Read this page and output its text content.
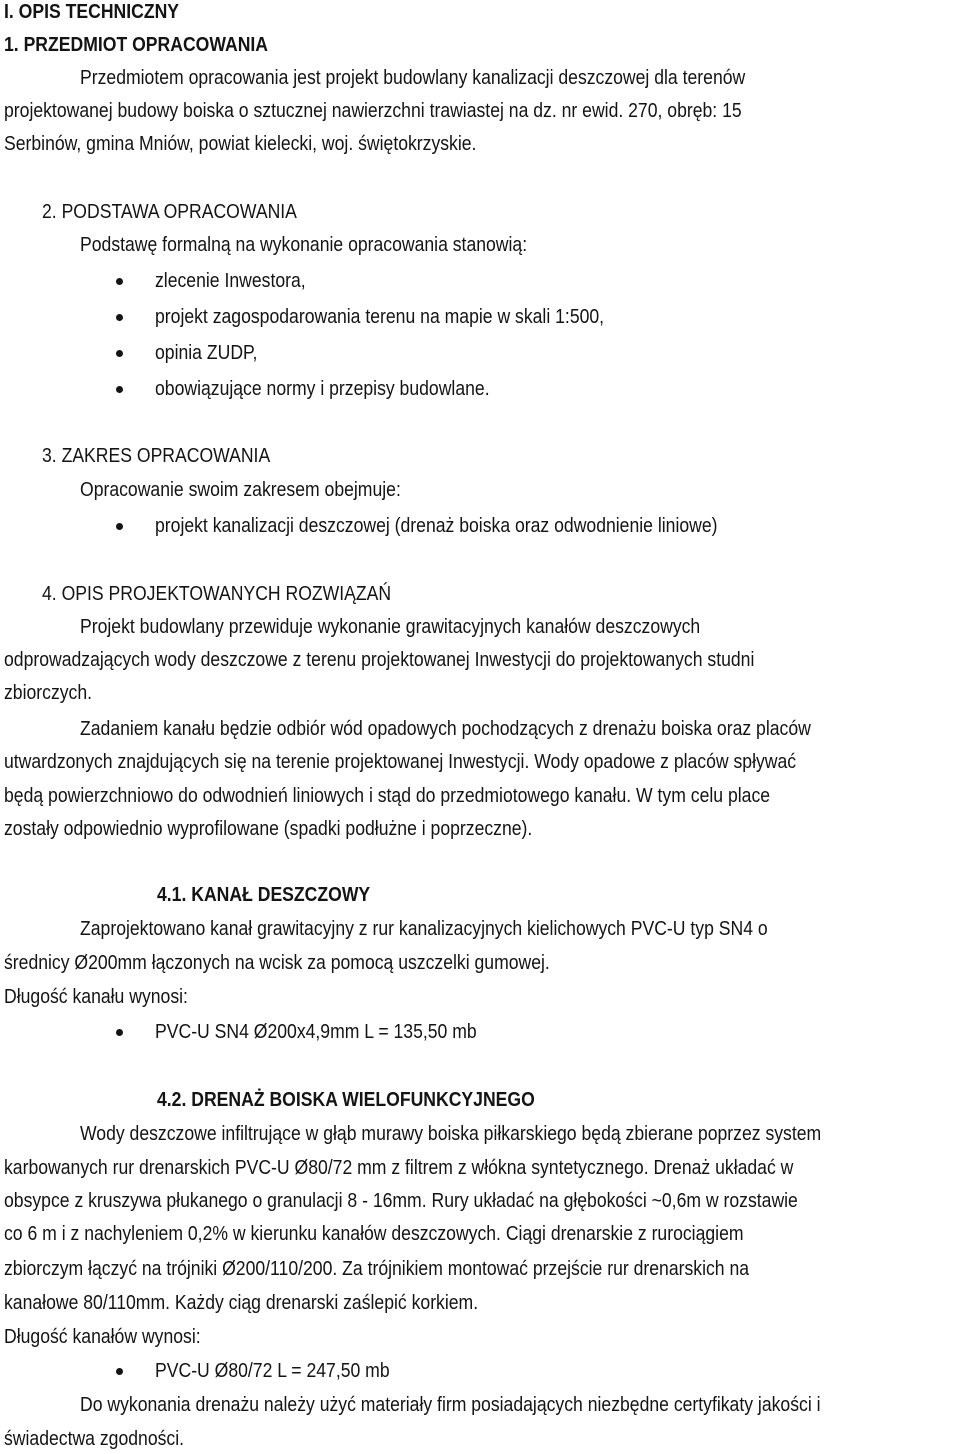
I. OPIS TECHNICZNY
1. PRZEDMIOT OPRACOWANIA
Przedmiotem opracowania jest projekt budowlany kanalizacji deszczowej dla terenów
projektowanej budowy boiska o sztucznej nawierzchni trawiastej na dz. nr ewid. 270, obręb: 15
Serbinów, gmina Mniów, powiat kielecki, woj. świętokrzyskie.
2. PODSTAWA OPRACOWANIA
Podstawę formalną na wykonanie opracowania stanowią:
zlecenie Inwestora,
projekt zagospodarowania terenu na mapie w skali 1:500,
opinia ZUDP,
obowiązujące normy i przepisy budowlane.
3. ZAKRES OPRACOWANIA
Opracowanie swoim zakresem obejmuje:
projekt kanalizacji deszczowej (drenaż boiska oraz odwodnienie liniowe)
4. OPIS PROJEKTOWANYCH ROZWIĄZAŃ
Projekt budowlany przewiduje wykonanie grawitacyjnych kanałów deszczowych
odprowadzających wody deszczowe z terenu projektowanej Inwestycji do projektowanych studni
zbiorczych.
Zadaniem kanału będzie odbiór wód opadowych pochodzących z drenażu boiska oraz placów
utwardzonych znajdujących się na terenie projektowanej Inwestycji. Wody opadowe z placów spływać
będą powierzchniowo do odwodnień liniowych i stąd do przedmiotowego kanału. W tym celu place
zostały odpowiednio wyprofilowane (spadki podłużne i poprzeczne).
4.1. KANAŁ DESZCZOWY
Zaprojektowano kanał grawitacyjny z rur kanalizacyjnych kielichowych PVC-U typ SN4 o
średnicy Ø200mm łączonych na wcisk za pomocą uszczelki gumowej.
Długość kanału wynosi:
PVC-U SN4 Ø200x4,9mm L = 135,50 mb
4.2. DRENAŻ BOISKA WIELOFUNKCYJNEGO
Wody deszczowe infiltrujące w głąb murawy boiska piłkarskiego będą zbierane poprzez system
karbowanych rur drenarskich PVC-U Ø80/72 mm z filtrem z włókna syntetycznego. Drenaż układać w
obsypce z kruszywa płukanego o granulacji 8 - 16mm. Rury układać na głębokości ~0,6m w rozstawie
co 6 m i z nachyleniem 0,2% w kierunku kanałów deszczowych. Ciągi drenarskie z rurociągiem
zbiorczym łączyć na trójniki Ø200/110/200. Za trójnikiem montować przejście rur drenarskich na
kanałowe 80/110mm. Każdy ciąg drenarski zaślepić korkiem.
Długość kanałów wynosi:
PVC-U Ø80/72 L = 247,50 mb
Do wykonania drenażu należy użyć materiały firm posiadających niezbędne certyfikaty jakości i
świadectwa zgodności.
